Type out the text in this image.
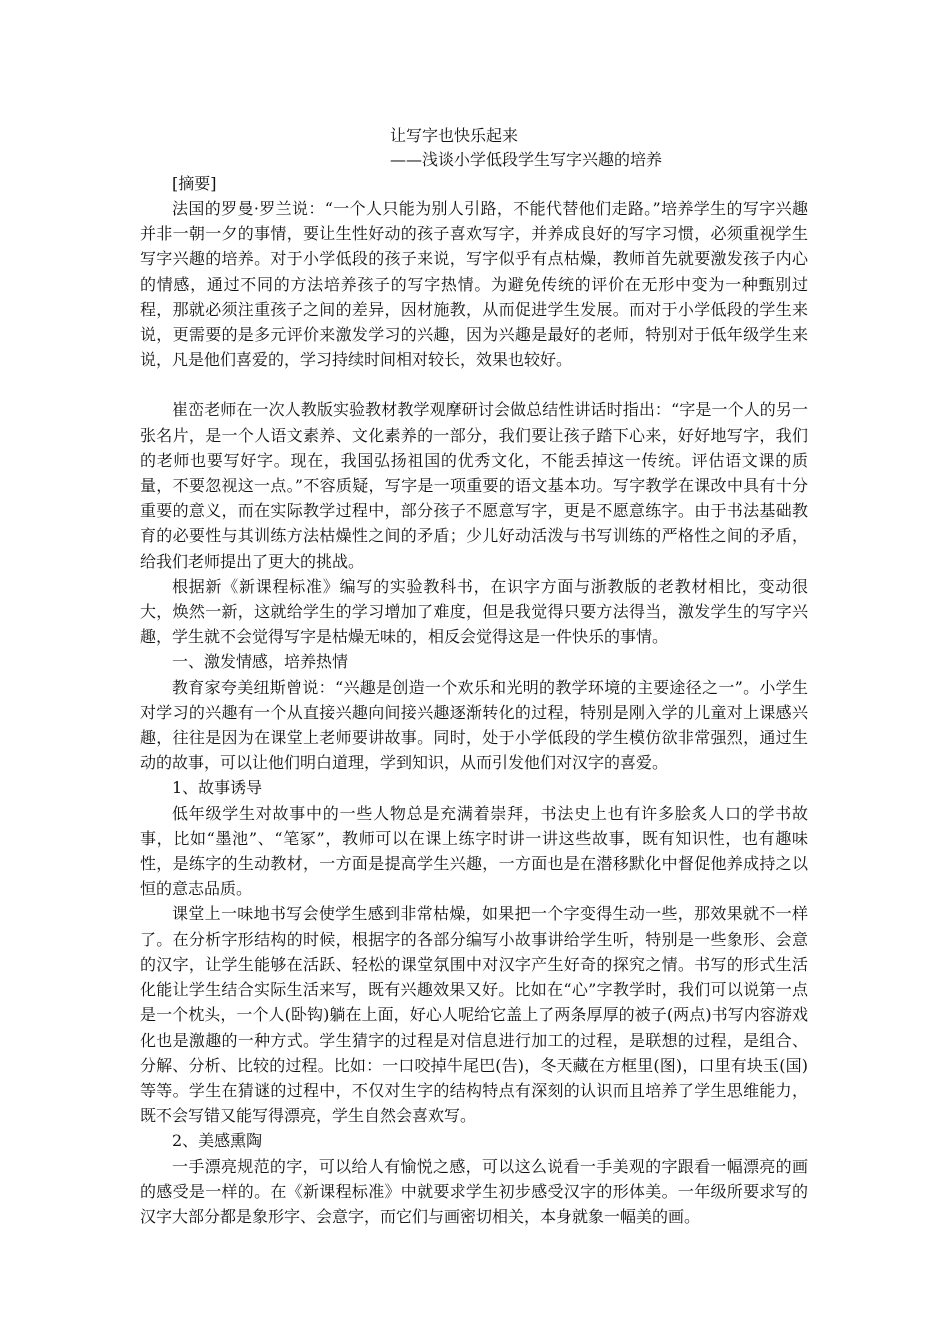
让写字也快乐起来
——浅谈小学低段学生写字兴趣的培养
[摘要]

法国的罗曼·罗兰说：“一个人只能为别人引路，不能代替他们走路。”培养学生的写字兴趣并非一朝一夕的事情，要让生性好动的孩子喜欢写字，并养成良好的写字习惯，必须重视学生写字兴趣的培养。对于小学低段的孩子来说，写字似乎有点枯燥，教师首先就要激发孩子内心的情感，通过不同的方法培养孩子的写字热情。为避免传统的评价在无形中变为一种甄别过程，那就必须注重孩子之间的差异，因材施教，从而促进学生发展。而对于小学低段的学生来说，更需要的是多元评价来激发学习的兴趣，因为兴趣是最好的老师，特别对于低年级学生来说，凡是他们喜爱的，学习持续时间相对较长，效果也较好。

崔峦老师在一次人教版实验教材教学观摩研讨会做总结性讲话时指出：“字是一个人的另一张名片，是一个人语文素养、文化素养的一部分，我们要让孩子踏下心来，好好地写字，我们的老师也要写好字。现在，我国弘扬祖国的优秀文化，不能丢掉这一传统。评估语文课的质量，不要忽视这一点。”不容质疑，写字是一项重要的语文基本功。写字教学在课改中具有十分重要的意义，而在实际教学过程中，部分孩子不愿意写字，更是不愿意练字。由于书法基础教育的必要性与其训练方法枯燥性之间的矛盾；少儿好动活泼与书写训练的严格性之间的矛盾，给我们老师提出了更大的挑战。

根据新《新课程标准》编写的实验教科书，在识字方面与浙教版的老教材相比，变动很大，焕然一新，这就给学生的学习增加了难度，但是我觉得只要方法得当，激发学生的写字兴趣，学生就不会觉得写字是枯燥无味的，相反会觉得这是一件快乐的事情。

一、激发情感，培养热情

教育家夸美纽斯曾说：“兴趣是创造一个欢乐和光明的教学环境的主要途径之一”。小学生对学习的兴趣有一个从直接兴趣向间接兴趣逐渐转化的过程，特别是刚入学的儿童对上课感兴趣，往往是因为在课堂上老师要讲故事。同时，处于小学低段的学生模仿欲非常强烈，通过生动的故事，可以让他们明白道理，学到知识，从而引发他们对汉字的喜爱。

1、故事诱导

低年级学生对故事中的一些人物总是充满着崇拜，书法史上也有许多脍炙人口的学书故事，比如“墨池”、“笔冢”，教师可以在课上练字时讲一讲这些故事，既有知识性，也有趣味性，是练字的生动教材，一方面是提高学生兴趣，一方面也是在潜移默化中督促他养成持之以恒的意志品质。

课堂上一味地书写会使学生感到非常枯燥，如果把一个字变得生动一些，那效果就不一样了。在分析字形结构的时候，根据字的各部分编写小故事讲给学生听，特别是一些象形、会意的汉字，让学生能够在活跃、轻松的课堂氛围中对汉字产生好奇的探究之情。书写的形式生活化能让学生结合实际生活来写，既有兴趣效果又好。比如在“心”字教学时，我们可以说第一点是一个枕头，一个人(卧钩)躺在上面，好心人呢给它盖上了两条厚厚的被子(两点)书写内容游戏化也是激趣的一种方式。学生猜字的过程是对信息进行加工的过程，是联想的过程，是组合、分解、分析、比较的过程。比如：一口咬掉牛尾巴(告)，冬天藏在方框里(图)，口里有块玉(国)等等。学生在猜谜的过程中，不仅对生字的结构特点有深刻的认识而且培养了学生思维能力，既不会写错又能写得漂亮，学生自然会喜欢写。

2、美感熏陶

一手漂亮规范的字，可以给人有愉悦之感，可以这么说看一手美观的字跟看一幅漂亮的画的感受是一样的。在《新课程标准》中就要求学生初步感受汉字的形体美。一年级所要求写的汉字大部分都是象形字、会意字，而它们与画密切相关，本身就象一幅美的画。
